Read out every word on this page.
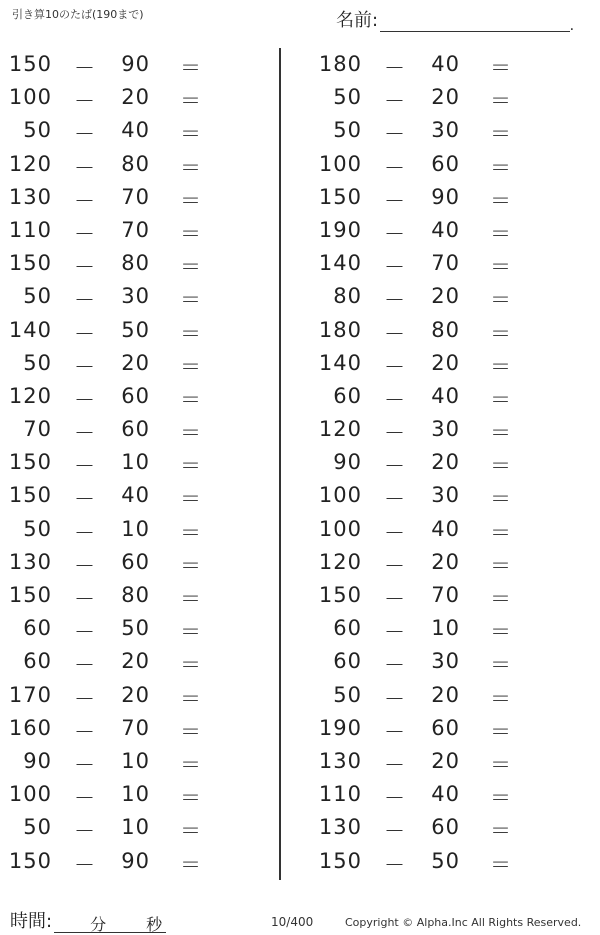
引き算10のたば(190まで)	名前:	.
150 －	90 ＝
100 －	20 ＝
50 －	40 ＝
120 －	80 ＝
130 －	70 ＝
110 －	70 ＝
150 －	80 ＝
50 －	30 ＝
140 －	50 ＝
50 －	20 ＝
120 －	60 ＝
70 －	60 ＝
150 －	10 ＝
150 －	40 ＝
50 －	10 ＝
130 －	60 ＝
150 －	80 ＝
60 －	50 ＝
60 －	20 ＝
170 －	20 ＝
160 －	70 ＝
90 －	10 ＝
100 －	10 ＝
50 －	10 ＝
150 －	90 ＝
180 －	40 ＝
50 －	20 ＝
50 －	30 ＝
100 －	60 ＝
150 －	90 ＝
190 －	40 ＝
140 －	70 ＝
80 －	20 ＝
180 －	80 ＝
140 －	20 ＝
60 －	40 ＝
120 －	30 ＝
90 －	20 ＝
100 －	30 ＝
100 －	40 ＝
120 －	20 ＝
150 －	70 ＝
60 －	10 ＝
60 －	30 ＝
50 －	20 ＝
190 －	60 ＝
130 －	20 ＝
110 －	40 ＝
130 －	60 ＝
150 －	50 ＝
時間: 分 秒	10/400	Copyright © Alpha.Inc All Rights Reserved.
